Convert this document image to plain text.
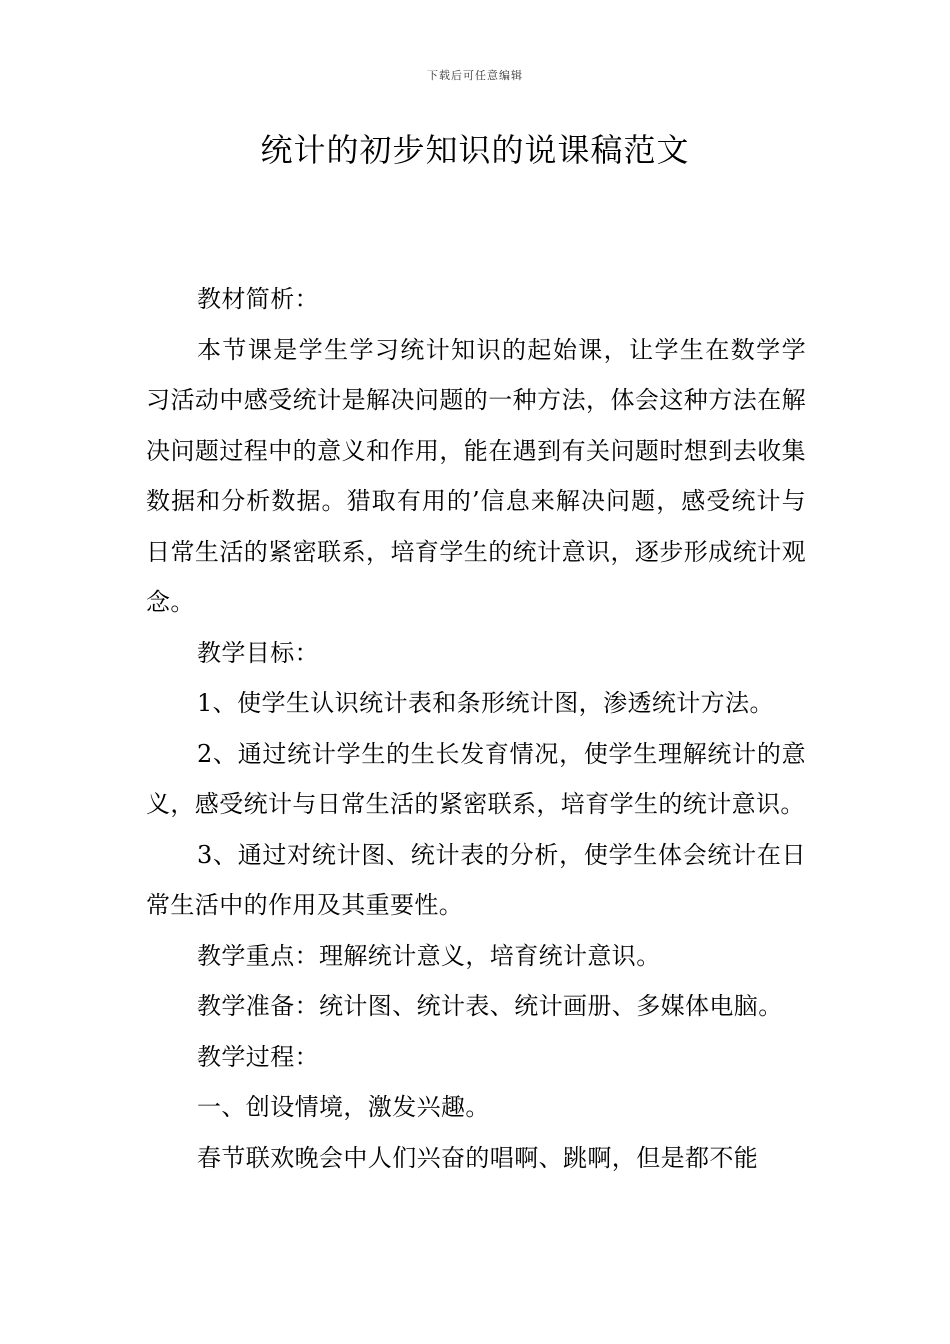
下载后可任意编辑
统计的初步知识的说课稿范文

教材简析：

本节课是学生学习统计知识的起始课，让学生在数学学习活动中感受统计是解决问题的一种方法，体会这种方法在解决问题过程中的意义和作用，能在遇到有关问题时想到去收集数据和分析数据。猎取有用的’信息来解决问题，感受统计与日常生活的紧密联系，培育学生的统计意识，逐步形成统计观念。

教学目标：

1、使学生认识统计表和条形统计图，渗透统计方法。

2、通过统计学生的生长发育情况，使学生理解统计的意义，感受统计与日常生活的紧密联系，培育学生的统计意识。

3、通过对统计图、统计表的分析，使学生体会统计在日常生活中的作用及其重要性。

教学重点：理解统计意义，培育统计意识。

教学准备：统计图、统计表、统计画册、多媒体电脑。

教学过程：

一、创设情境，激发兴趣。

春节联欢晚会中人们兴奋的唱啊、跳啊，但是都不能
